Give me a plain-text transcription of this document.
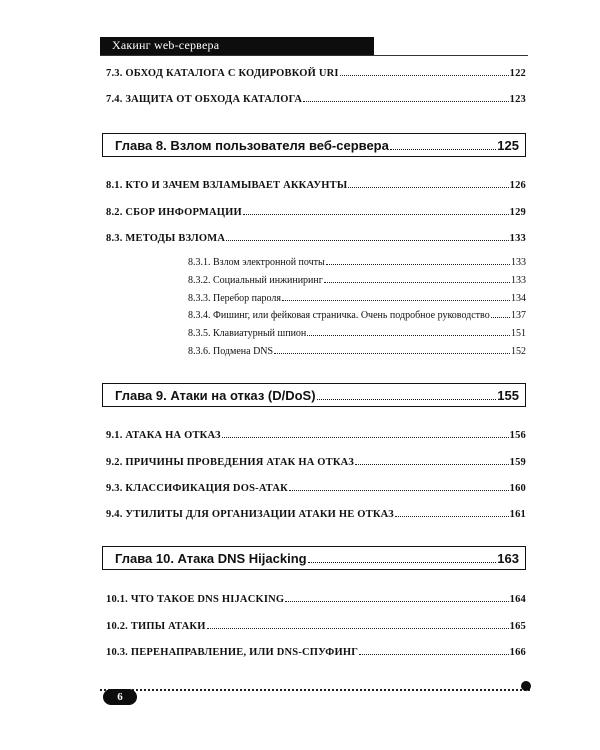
Хакинг web-сервера
7.3. ОБХОД КАТАЛОГА С КОДИРОВКОЙ URI	122
7.4. ЗАЩИТА ОТ ОБХОДА КАТАЛОГА	123
Глава 8. Взлом пользователя веб-сервера	125
8.1. КТО И ЗАЧЕМ ВЗЛАМЫВАЕТ АККАУНТЫ	126
8.2. СБОР ИНФОРМАЦИИ	129
8.3. МЕТОДЫ ВЗЛОМА	133
8.3.1. Взлом электронной почты	133
8.3.2. Социальный инжиниринг	133
8.3.3. Перебор пароля	134
8.3.4. Фишинг, или фейковая страничка. Очень подробное руководство 137
8.3.5. Клавиатурный шпион	151
8.3.6. Подмена DNS	152
Глава 9. Атаки на отказ (D/DoS)	155
9.1. АТАКА НА ОТКАЗ	156
9.2. ПРИЧИНЫ ПРОВЕДЕНИЯ АТАК НА ОТКАЗ	159
9.3. КЛАССИФИКАЦИЯ DOS-АТАК	160
9.4. УТИЛИТЫ ДЛЯ ОРГАНИЗАЦИИ АТАКИ НЕ ОТКАЗ	161
Глава 10. Атака DNS Hijacking	163
10.1. ЧТО ТАКОЕ DNS HIJACKING	164
10.2. ТИПЫ АТАКИ	165
10.3. ПЕРЕНАПРАВЛЕНИЕ, ИЛИ DNS-СПУФИНГ	166
6
